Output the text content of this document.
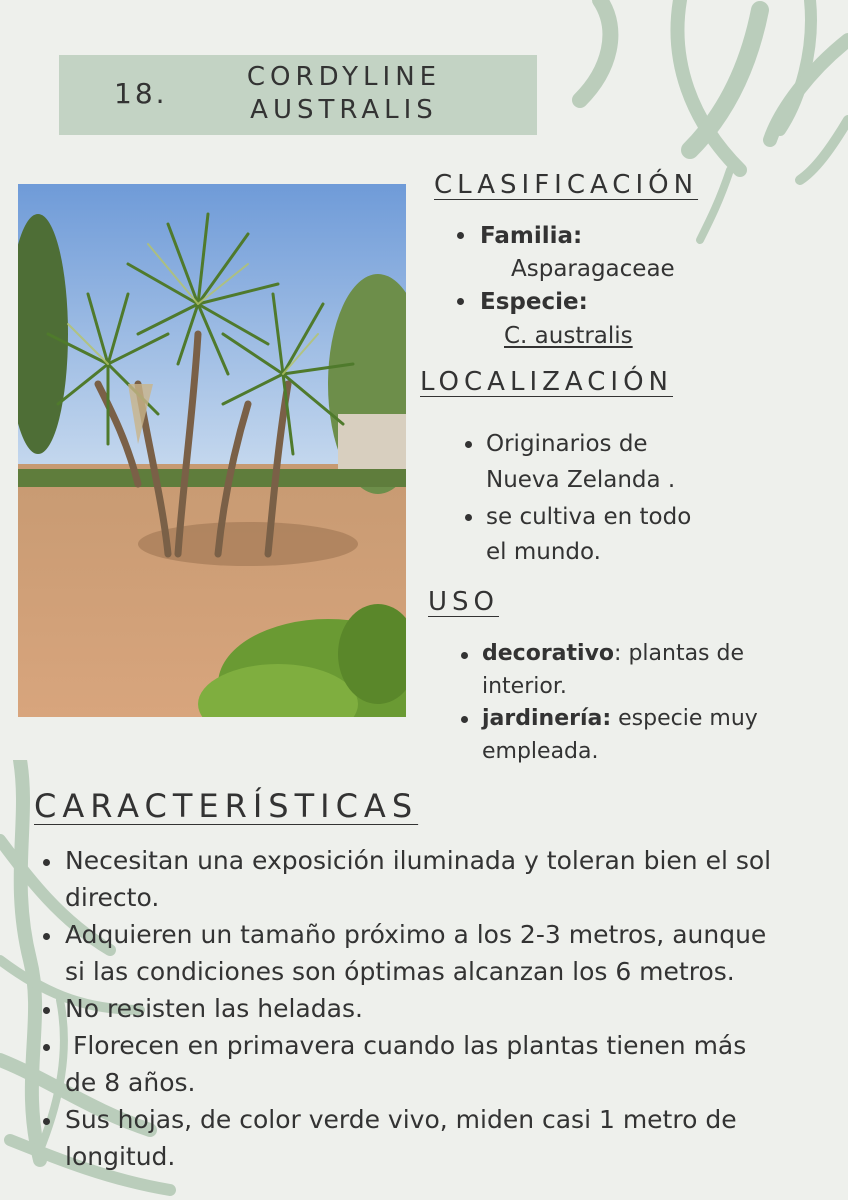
18.	CORDYLINE
AUSTRALIS
CLASIFICACIÓN
Familia:
Asparagaceae
Especie:
C. australis
LOCALIZACIÓN
Originarios de
Nueva Zelanda .
se cultiva en todo
el mundo.
USO
decorativo: plantas de
interior.
jardinería: especie muy
empleada.
CARACTERÍSTICAS
Necesitan una exposición iluminada y toleran bien el sol
directo.
Adquieren un tamaño próximo a los 2-3 metros, aunque
si las condiciones son óptimas alcanzan los 6 metros.
No resisten las heladas.
Florecen en primavera cuando las plantas tienen más
de 8 años.
Sus hojas, de color verde vivo, miden casi 1 metro de
longitud.
